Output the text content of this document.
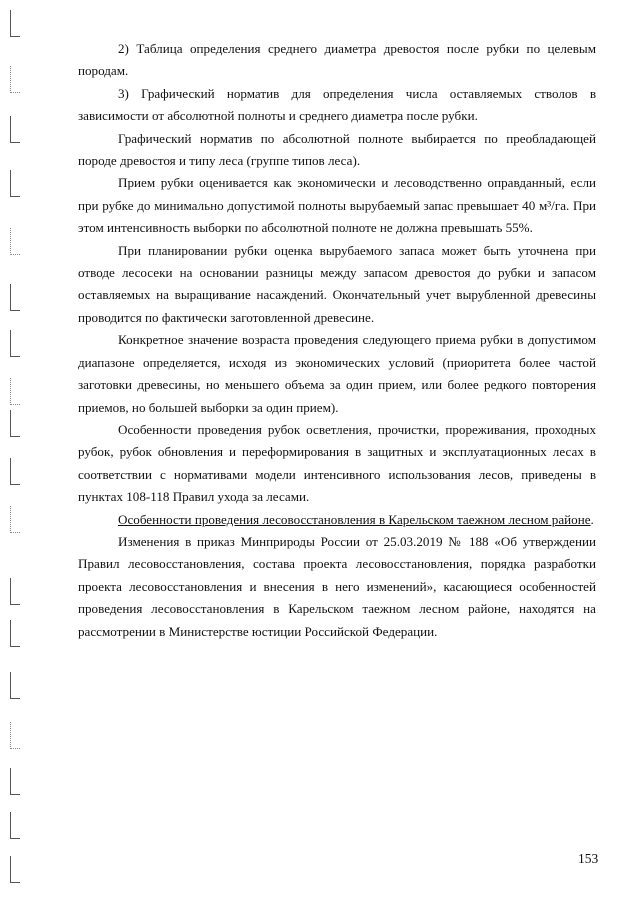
2) Таблица определения среднего диаметра древостоя после рубки по целевым породам.

3) Графический норматив для определения числа оставляемых стволов в зависимости от абсолютной полноты и среднего диаметра после рубки.

Графический норматив по абсолютной полноте выбирается по преобладающей породе древостоя и типу леса (группе типов леса).

Прием рубки оценивается как экономически и лесоводственно оправданный, если при рубке до минимально допустимой полноты вырубаемый запас превышает 40 м³/га. При этом интенсивность выборки по абсолютной полноте не должна превышать 55%.

При планировании рубки оценка вырубаемого запаса может быть уточнена при отводе лесосеки на основании разницы между запасом древостоя до рубки и запасом оставляемых на выращивание насаждений. Окончательный учет вырубленной древесины проводится по фактически заготовленной древесине.

Конкретное значение возраста проведения следующего приема рубки в допустимом диапазоне определяется, исходя из экономических условий (приоритета более частой заготовки древесины, но меньшего объема за один прием, или более редкого повторения приемов, но большей выборки за один прием).

Особенности проведения рубок осветления, прочистки, прореживания, проходных рубок, рубок обновления и переформирования в защитных и эксплуатационных лесах в соответствии с нормативами модели интенсивного использования лесов, приведены в пунктах 108-118 Правил ухода за лесами.

Особенности проведения лесовосстановления в Карельском таежном лесном районе.

Изменения в приказ Минприроды России от 25.03.2019 № 188 «Об утверждении Правил лесовосстановления, состава проекта лесовосстановления, порядка разработки проекта лесовосстановления и внесения в него изменений», касающиеся особенностей проведения лесовосстановления в Карельском таежном лесном районе, находятся на рассмотрении в Министерстве юстиции Российской Федерации.

153
